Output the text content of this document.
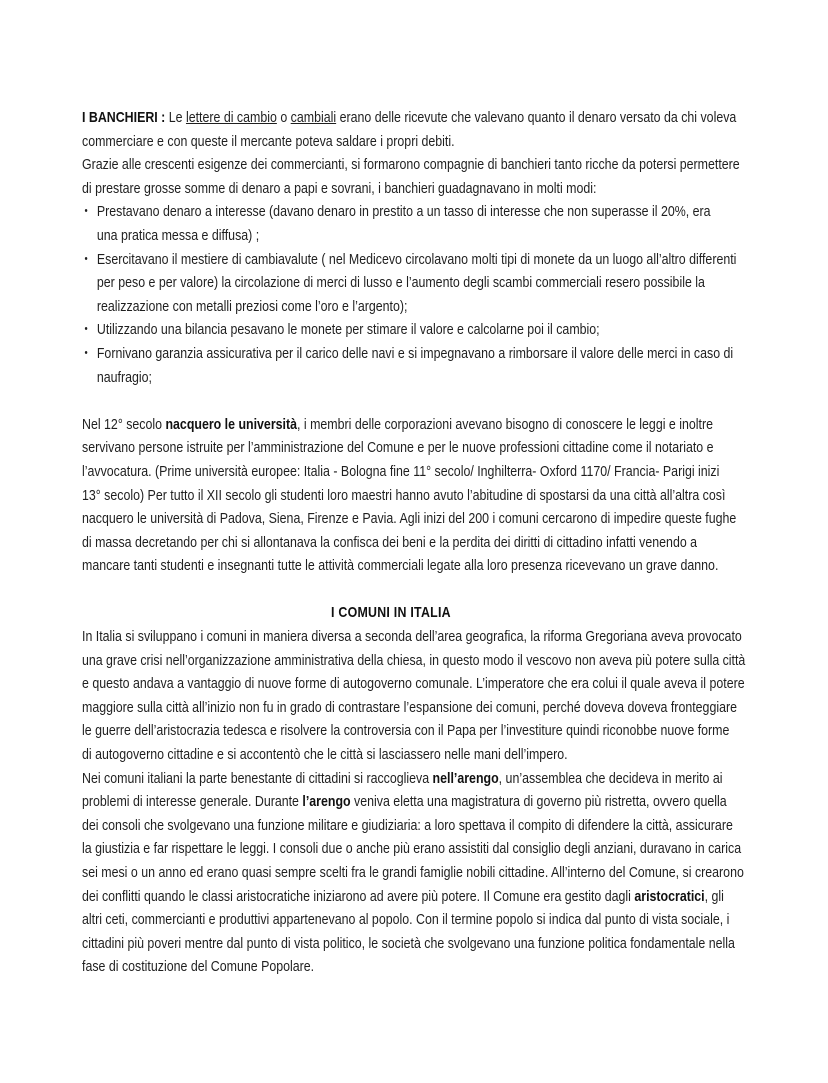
I BANCHIERI : Le lettere di cambio o cambiali erano delle ricevute che valevano quanto il denaro versato da chi voleva
commerciare e con queste il mercante poteva saldare i propri debiti.
Grazie alle crescenti esigenze dei commercianti, si formarono compagnie di banchieri tanto ricche da potersi permettere
di prestare grosse somme di denaro a papi e sovrani, i banchieri guadagnavano in molti modi:
• Prestavano denaro a interesse (davano denaro in prestito a un tasso di interesse che non superasse il 20%, era
una pratica messa e diffusa) ;
• Esercitavano il mestiere di cambiavalute ( nel Medicevo circolavano molti tipi di monete da un luogo all’altro differenti
per peso e per valore) la circolazione di merci di lusso e l’aumento degli scambi commerciali resero possibile la
realizzazione con metalli preziosi come l’oro e l’argento);
• Utilizzando una bilancia pesavano le monete per stimare il valore e calcolarne poi il cambio;
• Fornivano garanzia assicurativa per il carico delle navi e si impegnavano a rimborsare il valore delle merci in caso di
naufragio;
Nel 12° secolo nacquero le università, i membri delle corporazioni avevano bisogno di conoscere le leggi e inoltre
servivano persone istruite per l’amministrazione del Comune e per le nuove professioni cittadine come il notariato e
l’avvocatura. (Prime università europee: Italia - Bologna fine 11° secolo/ Inghilterra- Oxford 1170/ Francia- Parigi inizi
13° secolo) Per tutto il XII secolo gli studenti loro maestri hanno avuto l’abitudine di spostarsi da una città all’altra così
nacquero le università di Padova, Siena, Firenze e Pavia. Agli inizi del 200 i comuni cercarono di impedire queste fughe
di massa decretando per chi si allontanava la confisca dei beni e la perdita dei diritti di cittadino infatti venendo a
mancare tanti studenti e insegnanti tutte le attività commerciali legate alla loro presenza ricevevano un grave danno.
I COMUNI IN ITALIA
In Italia si sviluppano i comuni in maniera diversa a seconda dell’area geografica, la riforma Gregoriana aveva provocato
una grave crisi nell’organizzazione amministrativa della chiesa, in questo modo il vescovo non aveva più potere sulla città
e questo andava a vantaggio di nuove forme di autogoverno comunale. L’imperatore che era colui il quale aveva il potere
maggiore sulla città all’inizio non fu in grado di contrastare l’espansione dei comuni, perché doveva doveva fronteggiare
le guerre dell’aristocrazia tedesca e risolvere la controversia con il Papa per l’investiture quindi riconobbe nuove forme
di autogoverno cittadine e si accontentò che le città si lasciassero nelle mani dell’impero.
Nei comuni italiani la parte benestante di cittadini si raccoglieva nell’arengo, un’assemblea che decideva in merito ai
problemi di interesse generale. Durante l’arengo veniva eletta una magistratura di governo più ristretta, ovvero quella
dei consoli che svolgevano una funzione militare e giudiziaria: a loro spettava il compito di difendere la città, assicurare
la giustizia e far rispettare le leggi. I consoli due o anche più erano assistiti dal consiglio degli anziani, duravano in carica
sei mesi o un anno ed erano quasi sempre scelti fra le grandi famiglie nobili cittadine. All’interno del Comune, si crearono
dei conflitti quando le classi aristocratiche iniziarono ad avere più potere. Il Comune era gestito dagli aristocratici, gli
altri ceti, commercianti e produttivi appartenevano al popolo. Con il termine popolo si indica dal punto di vista sociale, i
cittadini più poveri mentre dal punto di vista politico, le società che svolgevano una funzione politica fondamentale nella
fase di costituzione del Comune Popolare.
